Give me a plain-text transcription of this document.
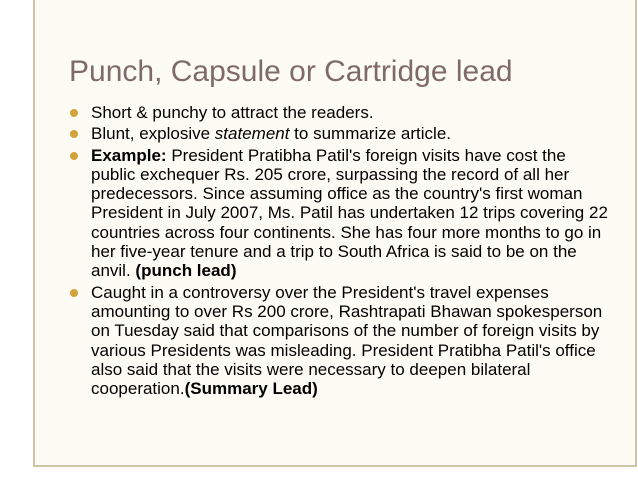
Punch, Capsule or Cartridge lead
Short & punchy to attract the readers.
Blunt, explosive statement to summarize article.
Example: President Pratibha Patil's foreign visits have cost the public exchequer Rs. 205 crore, surpassing the record of all her predecessors. Since assuming office as the country's first woman President in July 2007, Ms. Patil has undertaken 12 trips covering 22 countries across four continents. She has four more months to go in her five-year tenure and a trip to South Africa is said to be on the anvil. (punch lead)
Caught in a controversy over the President's travel expenses amounting to over Rs 200 crore, Rashtrapati Bhawan spokesperson on Tuesday said that comparisons of the number of foreign visits by various Presidents was misleading. President Pratibha Patil's office also said that the visits were necessary to deepen bilateral cooperation.(Summary Lead)
